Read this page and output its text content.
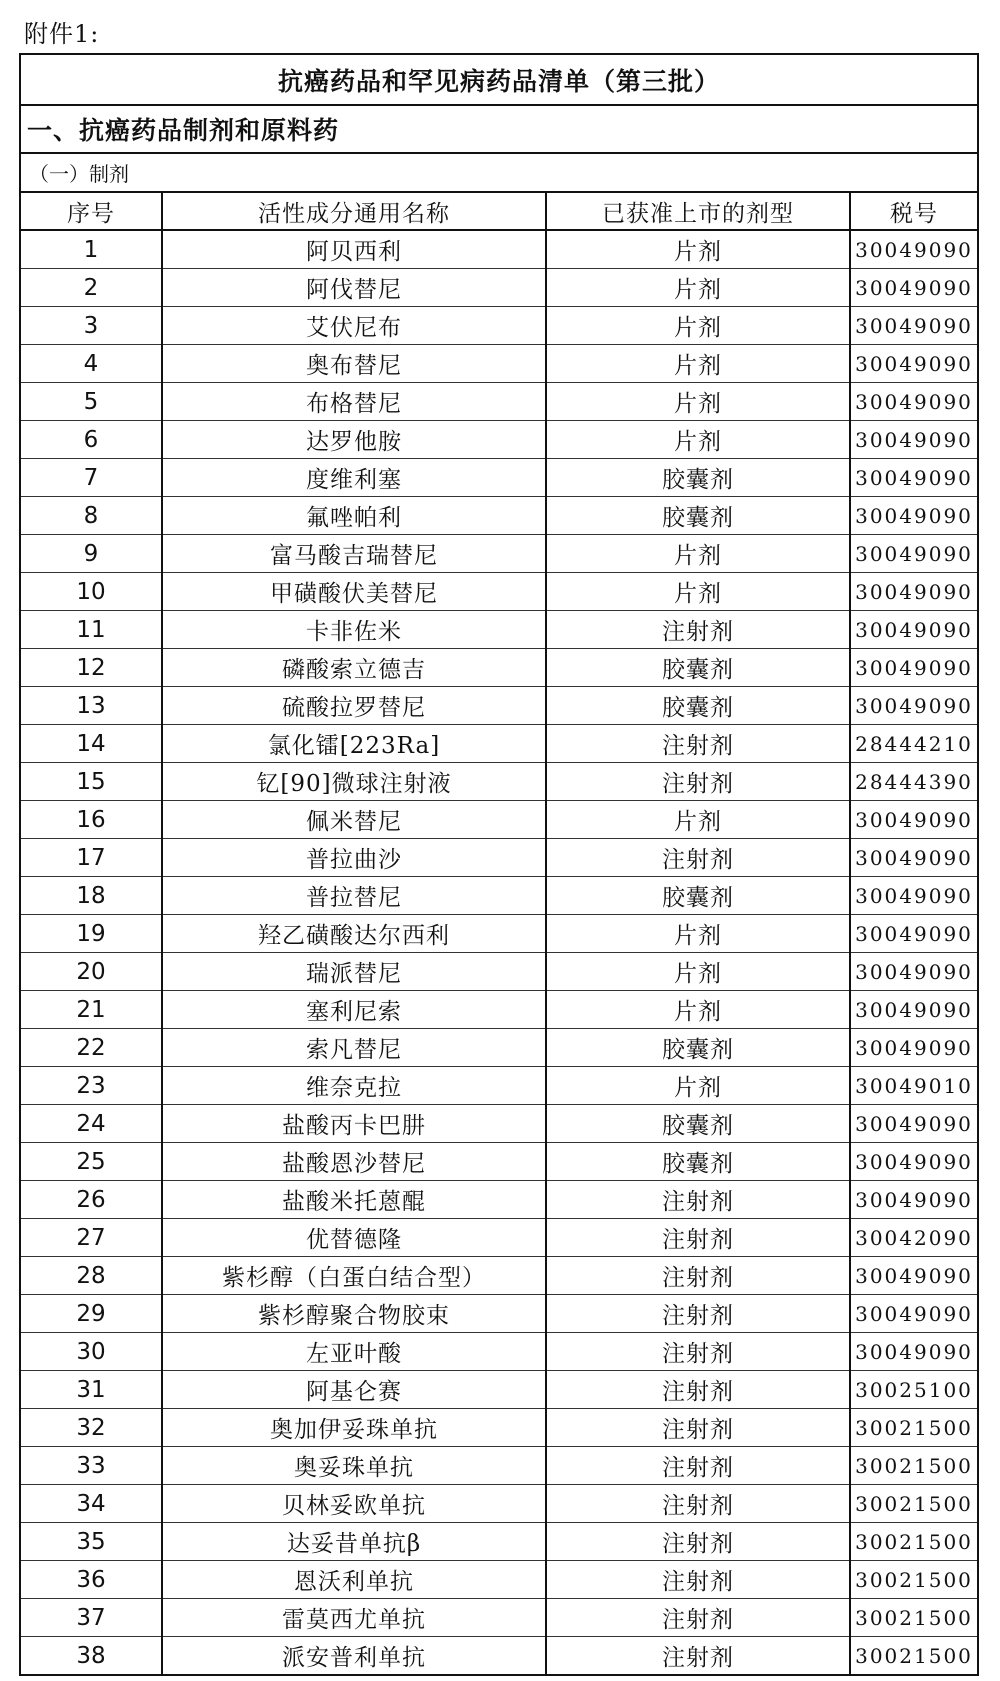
附件1:
抗癌药品和罕见病药品清单（第三批）
一、抗癌药品制剂和原料药
（一）制剂
序号	活性成分通用名称	已获准上市的剂型	税号
1	阿贝西利	片剂	30049090
2	阿伐替尼	片剂	30049090
3	艾伏尼布	片剂	30049090
4	奥布替尼	片剂	30049090
5	布格替尼	片剂	30049090
6	达罗他胺	片剂	30049090
7	度维利塞	胶囊剂	30049090
8	氟唑帕利	胶囊剂	30049090
9	富马酸吉瑞替尼	片剂	30049090
10	甲磺酸伏美替尼	片剂	30049090
11	卡非佐米	注射剂	30049090
12	磷酸索立德吉	胶囊剂	30049090
13	硫酸拉罗替尼	胶囊剂	30049090
14	氯化镭[223Ra]	注射剂	28444210
15	钇[90]微球注射液	注射剂	28444390
16	佩米替尼	片剂	30049090
17	普拉曲沙	注射剂	30049090
18	普拉替尼	胶囊剂	30049090
19	羟乙磺酸达尔西利	片剂	30049090
20	瑞派替尼	片剂	30049090
21	塞利尼索	片剂	30049090
22	索凡替尼	胶囊剂	30049090
23	维奈克拉	片剂	30049010
24	盐酸丙卡巴肼	胶囊剂	30049090
25	盐酸恩沙替尼	胶囊剂	30049090
26	盐酸米托蒽醌	注射剂	30049090
27	优替德隆	注射剂	30042090
28	紫杉醇（白蛋白结合型）	注射剂	30049090
29	紫杉醇聚合物胶束	注射剂	30049090
30	左亚叶酸	注射剂	30049090
31	阿基仑赛	注射剂	30025100
32	奥加伊妥珠单抗	注射剂	30021500
33	奥妥珠单抗	注射剂	30021500
34	贝林妥欧单抗	注射剂	30021500
35	达妥昔单抗β	注射剂	30021500
36	恩沃利单抗	注射剂	30021500
37	雷莫西尤单抗	注射剂	30021500
38	派安普利单抗	注射剂	30021500
